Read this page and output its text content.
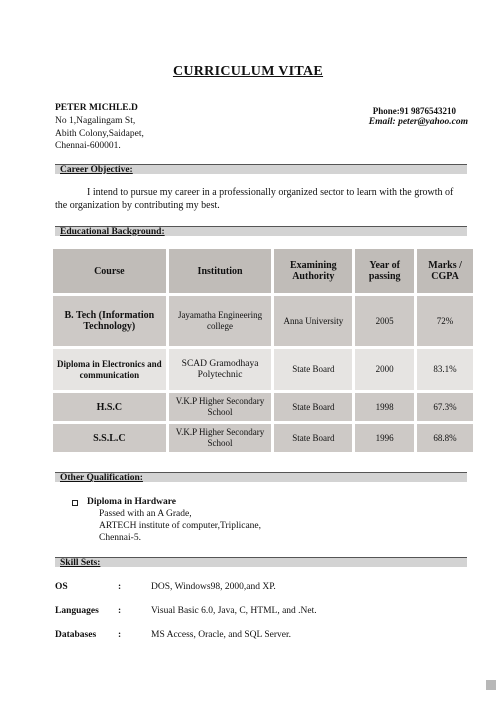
CURRICULUM VITAE
PETER MICHLE.D
No 1,Nagalingam St,
Abith Colony,Saidapet,
Chennai-600001.
Phone:91 9876543210
Email: peter@yahoo.com
Career Objective:
I intend to pursue my career in a professionally organized sector to learn with the growth of the organization by contributing my best.
Educational Background:
Course	Institution	Examining Authority	Year of passing	Marks / CGPA
B. Tech (Information Technology)	Jayamatha Engineering college	Anna University	2005	72%
Diploma in Electronics and communication	SCAD Gramodhaya Polytechnic	State Board	2000	83.1%
H.S.C	V.K.P Higher Secondary School	State Board	1998	67.3%
S.S.L.C	V.K.P Higher Secondary School	State Board	1996	68.8%
Other Qualification:
Diploma in Hardware
Passed with an A Grade,
ARTECH institute of computer,Triplicane,
Chennai-5.
Skill Sets:
OS	:	DOS, Windows98, 2000,and XP.
Languages :	Visual Basic 6.0, Java, C, HTML, and .Net.
Databases :	MS Access, Oracle, and SQL Server.
